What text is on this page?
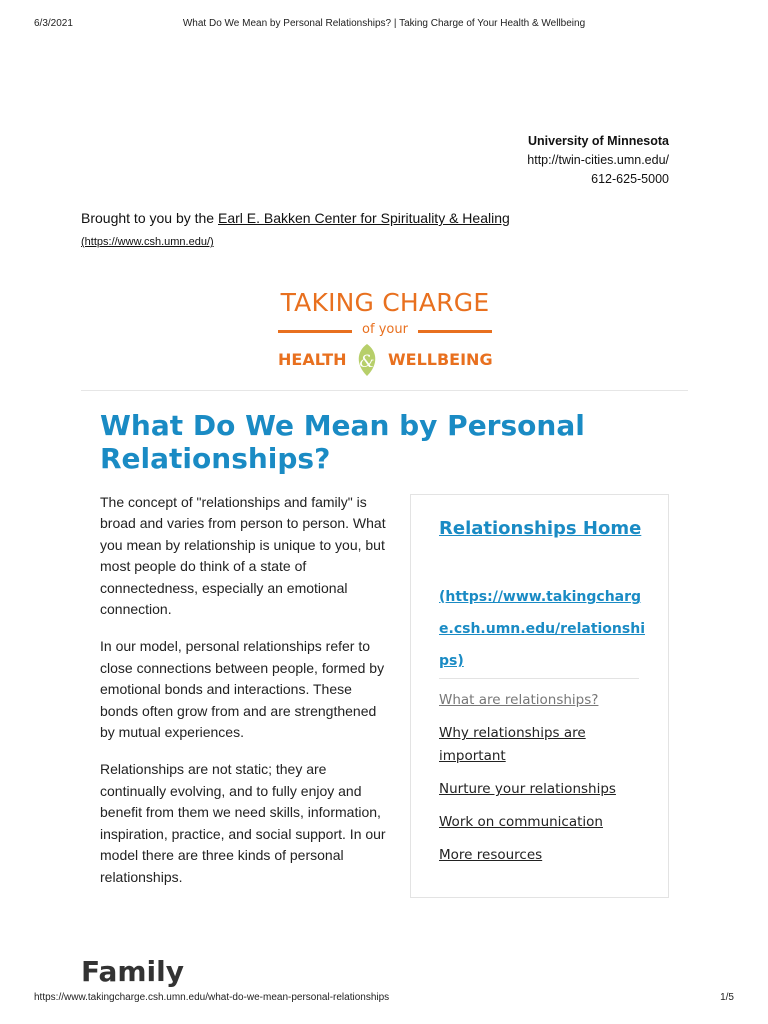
6/3/2021	What Do We Mean by Personal Relationships? | Taking Charge of Your Health & Wellbeing
University of Minnesota
http://twin-cities.umn.edu/
612-625-5000
Brought to you by the Earl E. Bakken Center for Spirituality & Healing
(https://www.csh.umn.edu/)
TAKING CHARGE
of your
HEALTH & WELLBEING
What Do We Mean by Personal Relationships?

The concept of "relationships and family" is broad and varies from person to person. What you mean by relationship is unique to you, but most people do think of a state of connectedness, especially an emotional connection.

In our model, personal relationships refer to close connections between people, formed by emotional bonds and interactions. These bonds often grow from and are strengthened by mutual experiences.

Relationships are not static; they are continually evolving, and to fully enjoy and benefit from them we need skills, information, inspiration, practice, and social support. In our model there are three kinds of personal relationships.

Relationships Home
(https://www.takingcharge.csh.umn.edu/relationships)
What are relationships?
Why relationships are important
Nurture your relationships
Work on communication
More resources
Family
https://www.takingcharge.csh.umn.edu/what-do-we-mean-personal-relationships	1/5
